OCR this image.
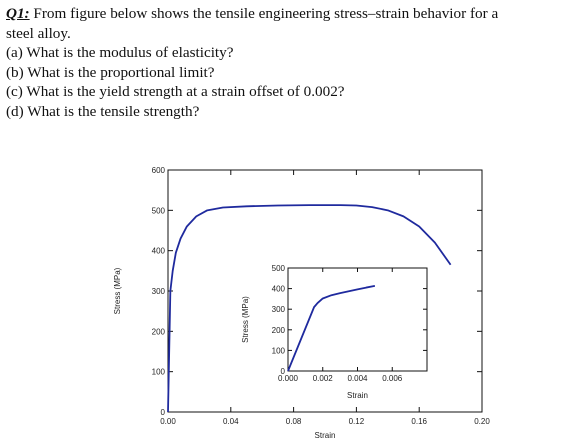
Q1: From figure below shows the tensile engineering stress–strain behavior for a
steel alloy.
(a) What is the modulus of elasticity?
(b) What is the proportional limit?
(c) What is the yield strength at a strain offset of 0.002?
(d) What is the tensile strength?
0.00	0.04	0.08	0.12	0.16	0.20
0
100
200
300
400
500
600
Strain
Stress (MPa)
0.000 0.002 0.004 0.006
0
100
200
300
400
500
Strain
Stress (MPa)
